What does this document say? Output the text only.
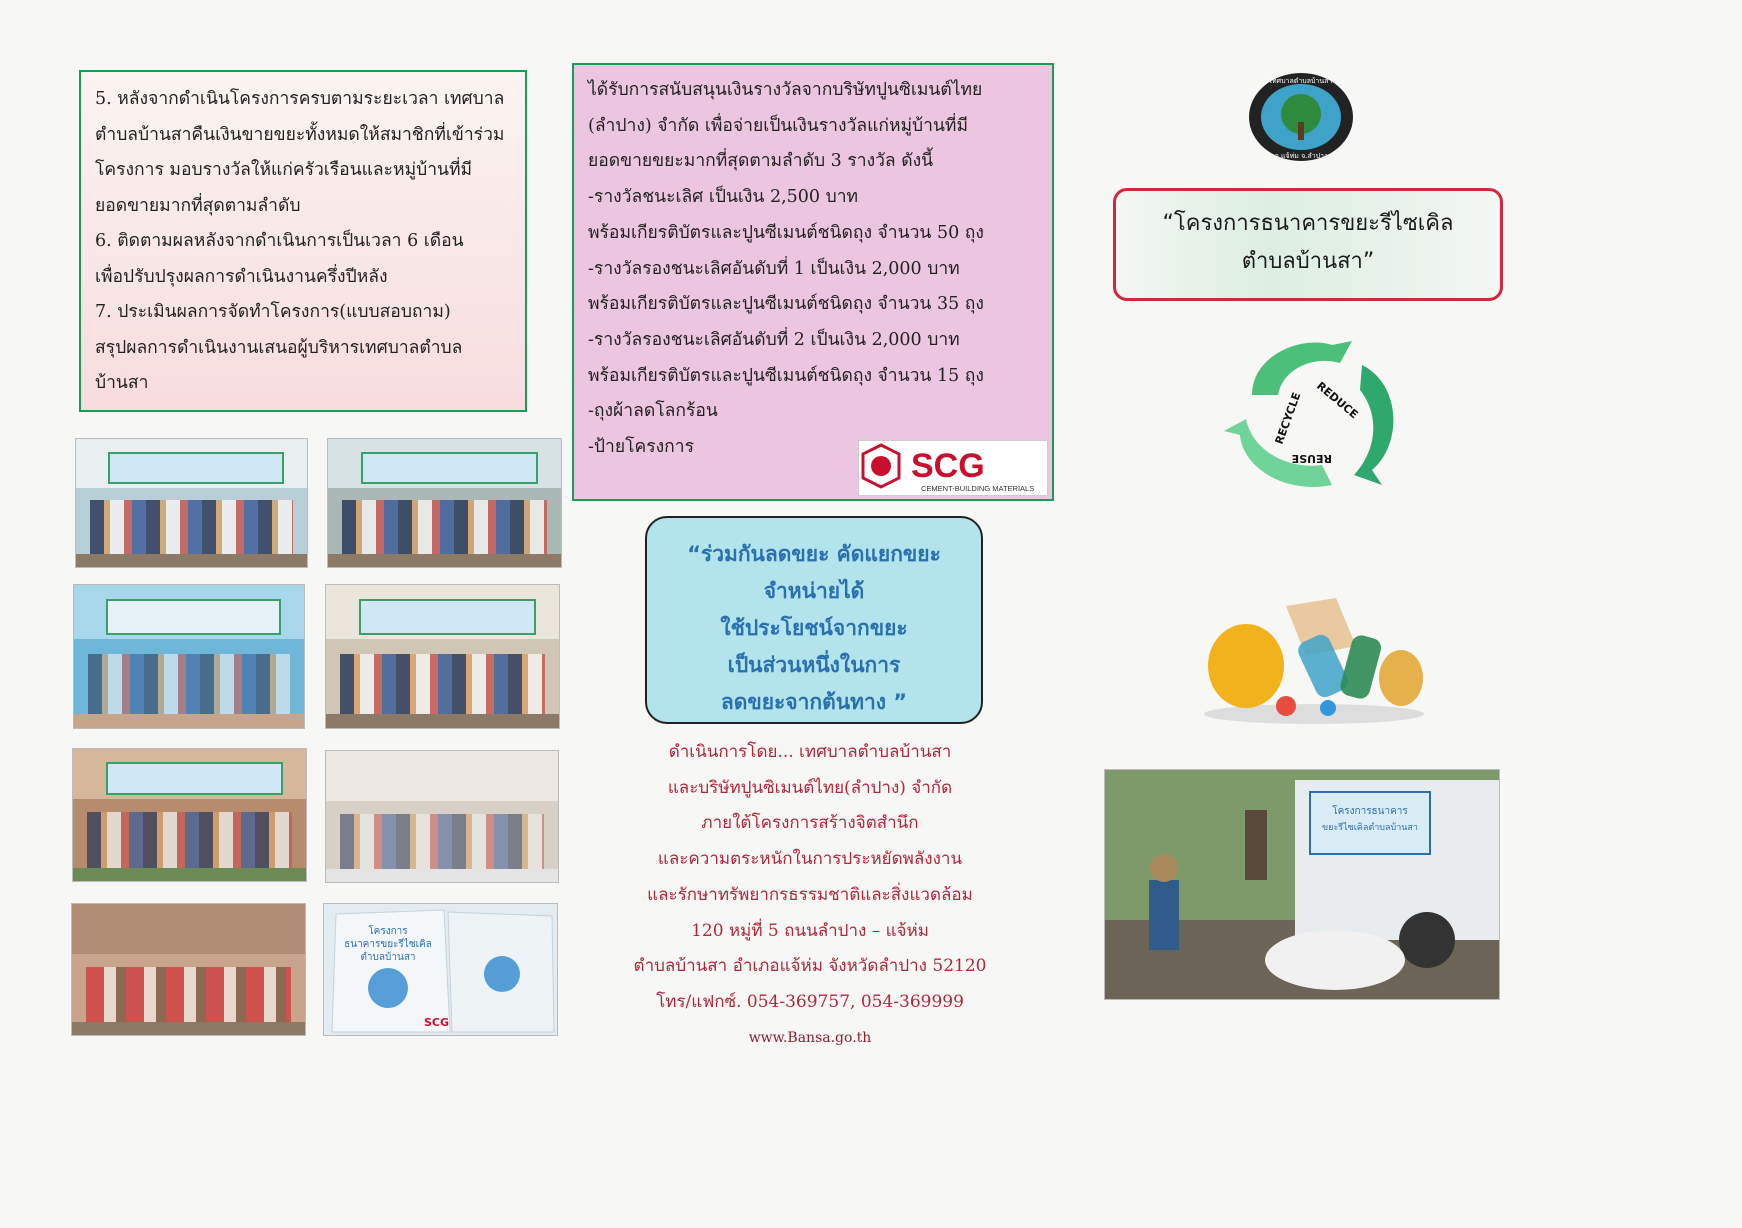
5. หลังจากดำเนินโครงการครบตามระยะเวลา เทศบาล
ตำบลบ้านสาคืนเงินขายขยะทั้งหมดให้สมาชิกที่เข้าร่วม
โครงการ มอบรางวัลให้แก่ครัวเรือนและหมู่บ้านที่มี
ยอดขายมากที่สุดตามลำดับ
6. ติดตามผลหลังจากดำเนินการเป็นเวลา 6 เดือน
เพื่อปรับปรุงผลการดำเนินงานครึ่งปีหลัง
7. ประเมินผลการจัดทำโครงการ(แบบสอบถาม)
สรุปผลการดำเนินงานเสนอผู้บริหารเทศบาลตำบล
บ้านสา
โครงการ
ธนาคารขยะรีไซเคิล
ตำบลบ้านสา
SCG
ได้รับการสนับสนุนเงินรางวัลจากบริษัทปูนซิเมนต์ไทย
(ลำปาง) จำกัด เพื่อจ่ายเป็นเงินรางวัลแก่หมู่บ้านที่มี
ยอดขายขยะมากที่สุดตามลำดับ 3 รางวัล ดังนี้
-รางวัลชนะเลิศ เป็นเงิน 2,500 บาท
พร้อมเกียรติบัตรและปูนซีเมนต์ชนิดถุง จำนวน 50 ถุง
-รางวัลรองชนะเลิศอันดับที่ 1 เป็นเงิน 2,000 บาท
พร้อมเกียรติบัตรและปูนซีเมนต์ชนิดถุง จำนวน 35 ถุง
-รางวัลรองชนะเลิศอันดับที่ 2 เป็นเงิน 2,000 บาท
พร้อมเกียรติบัตรและปูนซีเมนต์ชนิดถุง จำนวน 15 ถุง
-ถุงผ้าลดโลกร้อน
-ป้ายโครงการ	SCG
CEMENT-BUILDING MATERIALS
“ร่วมกันลดขยะ คัดแยกขยะ
จำหน่ายได้
ใช้ประโยชน์จากขยะ
เป็นส่วนหนึ่งในการ
ลดขยะจากต้นทาง ”
ดำเนินการโดย... เทศบาลตำบลบ้านสา
และบริษัทปูนซิเมนต์ไทย(ลำปาง) จำกัด
ภายใต้โครงการสร้างจิตสำนึก
และความตระหนักในการประหยัดพลังงาน
และรักษาทรัพยากรธรรมชาติและสิ่งแวดล้อม
120 หมู่ที่ 5 ถนนลำปาง – แจ้ห่ม
ตำบลบ้านสา อำเภอแจ้ห่ม จังหวัดลำปาง 52120
โทร/แฟกซ์. 054-369757, 054-369999
www.Bansa.go.th
เทศบาลตำบลบ้านสา
อ.แจ้ห่ม จ.ลำปาง
“โครงการธนาคารขยะรีไซเคิล
ตำบลบ้านสา”
RECYCLE REDUCE
REUSE
โครงการธนาคาร
ขยะรีไซเคิลตำบลบ้านสา
